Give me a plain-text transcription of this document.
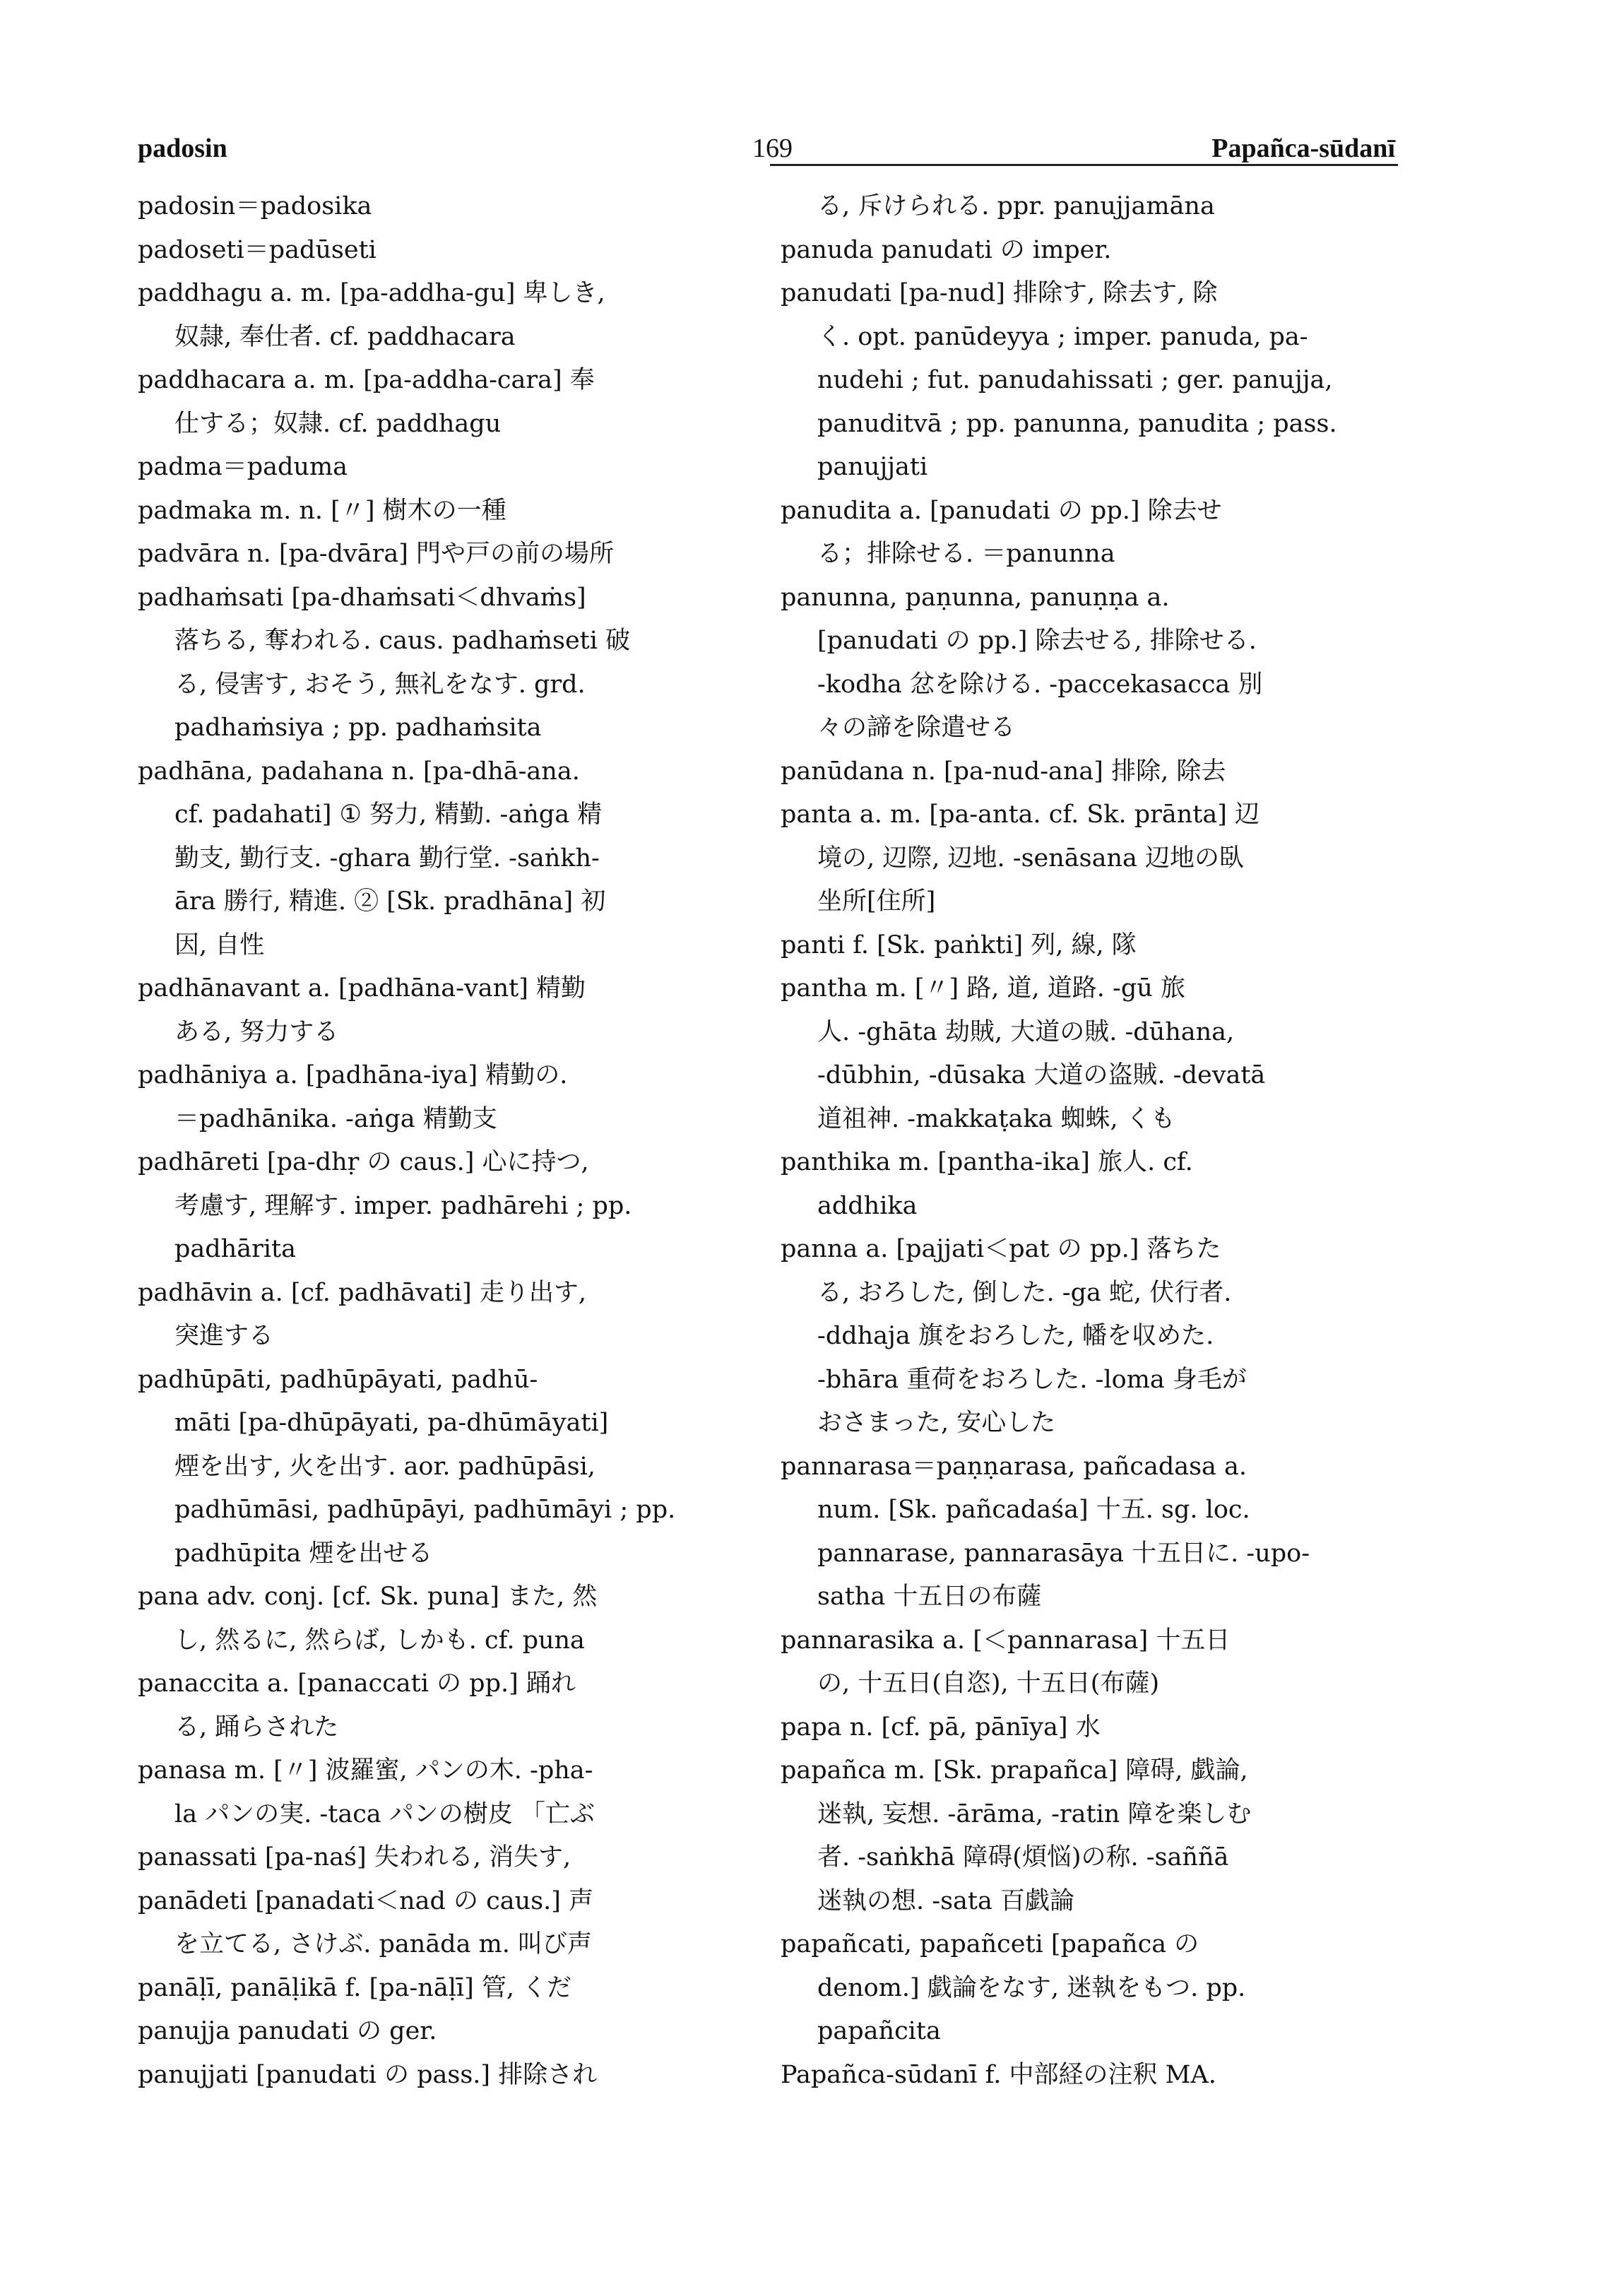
padosin	169	Papañca-sūdanī
padosin＝padosika
padoseti＝padūseti
paddhagu a. m. [pa-addha-gu] 卑しき,
奴隷, 奉仕者. cf. paddhacara
paddhacara a. m. [pa-addha-cara] 奉
仕する；奴隷. cf. paddhagu
padma＝paduma
padmaka m. n. [〃] 樹木の一種
padvāra n. [pa-dvāra] 門や戸の前の場所
padhaṁsati [pa-dhaṁsati＜dhvaṁs]
落ちる, 奪われる. caus. padhaṁseti 破
る, 侵害す, おそう, 無礼をなす. grd.
padhaṁsiya ; pp. padhaṁsita
padhāna, padahana n. [pa-dhā-ana.
cf. padahati] ① 努力, 精勤. -aṅga 精
勤支, 勤行支. -ghara 勤行堂. -saṅkh-
āra 勝行, 精進. ② [Sk. pradhāna] 初
因, 自性
padhānavant a. [padhāna-vant] 精勤
ある, 努力する
padhāniya a. [padhāna-iya] 精勤の.
＝padhānika. -aṅga 精勤支
padhāreti [pa-dhṛ の caus.] 心に持つ,
考慮す, 理解す. imper. padhārehi ; pp.
padhārita
padhāvin a. [cf. padhāvati] 走り出す,
突進する
padhūpāti, padhūpāyati, padhū-
māti [pa-dhūpāyati, pa-dhūmāyati]
煙を出す, 火を出す. aor. padhūpāsi,
padhūmāsi, padhūpāyi, padhūmāyi ; pp.
padhūpita 煙を出せる
pana adv. conj. [cf. Sk. puna] また, 然
し, 然るに, 然らば, しかも. cf. puna
panaccita a. [panaccati の pp.] 踊れ
る, 踊らされた
panasa m. [〃] 波羅蜜, パンの木. -pha-
la パンの実. -taca パンの樹皮 「亡ぶ
panassati [pa-naś] 失われる, 消失す,
panādeti [panadati＜nad の caus.] 声
を立てる, さけぶ. panāda m. 叫び声
panāḷī, panāḷikā f. [pa-nāḷī] 管, くだ
panujja panudati の ger.
panujjati [panudati の pass.] 排除され
る, 斥けられる. ppr. panujjamāna
panuda panudati の imper.
panudati [pa-nud] 排除す, 除去す, 除
く. opt. panūdeyya ; imper. panuda, pa-
nudehi ; fut. panudahissati ; ger. panujja,
panuditvā ; pp. panunna, panudita ; pass.
panujjati
panudita a. [panudati の pp.] 除去せ
る；排除せる. ＝panunna
panunna, paṇunna, panuṇṇa a.
[panudati の pp.] 除去せる, 排除せる.
-kodha 忿を除ける. -paccekasacca 別
々の諦を除遣せる
panūdana n. [pa-nud-ana] 排除, 除去
panta a. m. [pa-anta. cf. Sk. prānta] 辺
境の, 辺際, 辺地. -senāsana 辺地の臥
坐所[住所]
panti f. [Sk. paṅkti] 列, 線, 隊
pantha m. [〃] 路, 道, 道路. -gū 旅
人. -ghāta 劫賊, 大道の賊. -dūhana,
-dūbhin, -dūsaka 大道の盗賊. -devatā
道祖神. -makkaṭaka 蜘蛛, くも
panthika m. [pantha-ika] 旅人. cf.
addhika
panna a. [pajjati＜pat の pp.] 落ちた
る, おろした, 倒した. -ga 蛇, 伏行者.
-ddhaja 旗をおろした, 幡を収めた.
-bhāra 重荷をおろした. -loma 身毛が
おさまった, 安心した
pannarasa＝paṇṇarasa, pañcadasa a.
num. [Sk. pañcadaśa] 十五. sg. loc.
pannarase, pannarasāya 十五日に. -upo-
satha 十五日の布薩
pannarasika a. [＜pannarasa] 十五日
の, 十五日(自恣), 十五日(布薩)
papa n. [cf. pā, pānīya] 水
papañca m. [Sk. prapañca] 障碍, 戯論,
迷執, 妄想. -ārāma, -ratin 障を楽しむ
者. -saṅkhā 障碍(煩悩)の称. -saññā
迷執の想. -sata 百戯論
papañcati, papañceti [papañca の
denom.] 戯論をなす, 迷執をもつ. pp.
papañcita
Papañca-sūdanī f. 中部経の注釈 MA.
